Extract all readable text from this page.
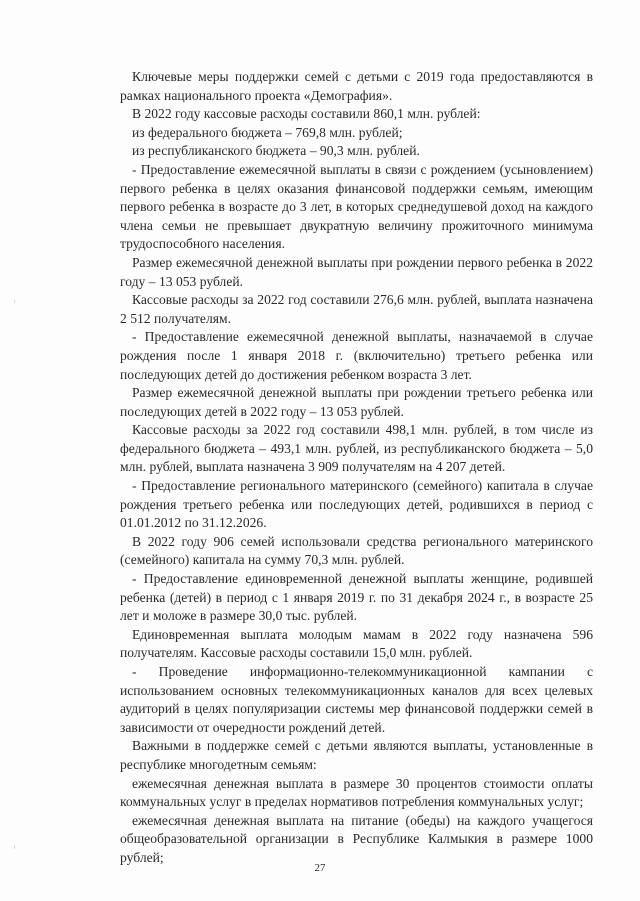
Ключевые меры поддержки семей с детьми с 2019 года предоставляются в рамках национального проекта «Демография».

В 2022 году кассовые расходы составили 860,1 млн. рублей:

из федерального бюджета – 769,8 млн. рублей;

из республиканского бюджета – 90,3 млн. рублей.

- Предоставление ежемесячной выплаты в связи с рождением (усыновлением) первого ребенка в целях оказания финансовой поддержки семьям, имеющим первого ребенка в возрасте до 3 лет, в которых среднедушевой доход на каждого члена семьи не превышает двукратную величину прожиточного минимума трудоспособного населения.

Размер ежемесячной денежной выплаты при рождении первого ребенка в 2022 году – 13 053 рублей.

Кассовые расходы за 2022 год составили 276,6 млн. рублей, выплата назначена 2 512 получателям.

- Предоставление ежемесячной денежной выплаты, назначаемой в случае рождения после 1 января 2018 г. (включительно) третьего ребенка или последующих детей до достижения ребенком возраста 3 лет.

Размер ежемесячной денежной выплаты при рождении третьего ребенка или последующих детей в 2022 году – 13 053 рублей.

Кассовые расходы за 2022 год составили 498,1 млн. рублей, в том числе из федерального бюджета – 493,1 млн. рублей, из республиканского бюджета – 5,0 млн. рублей, выплата назначена 3 909 получателям на 4 207 детей.

- Предоставление регионального материнского (семейного) капитала в случае рождения третьего ребенка или последующих детей, родившихся в период с 01.01.2012 по 31.12.2026.

В 2022 году 906 семей использовали средства регионального материнского (семейного) капитала на сумму 70,3 млн. рублей.

- Предоставление единовременной денежной выплаты женщине, родившей ребенка (детей) в период с 1 января 2019 г. по 31 декабря 2024 г., в возрасте 25 лет и моложе в размере 30,0 тыс. рублей.

Единовременная выплата молодым мамам в 2022 году назначена 596 получателям. Кассовые расходы составили 15,0 млн. рублей.

- Проведение информационно-телекоммуникационной кампании с использованием основных телекоммуникационных каналов для всех целевых аудиторий в целях популяризации системы мер финансовой поддержки семей в зависимости от очередности рождений детей.

Важными в поддержке семей с детьми являются выплаты, установленные в республике многодетным семьям:

ежемесячная денежная выплата в размере 30 процентов стоимости оплаты коммунальных услуг в пределах нормативов потребления коммунальных услуг;

ежемесячная денежная выплата на питание (обеды) на каждого учащегося общеобразовательной организации в Республике Калмыкия в размере 1000 рублей;

27
